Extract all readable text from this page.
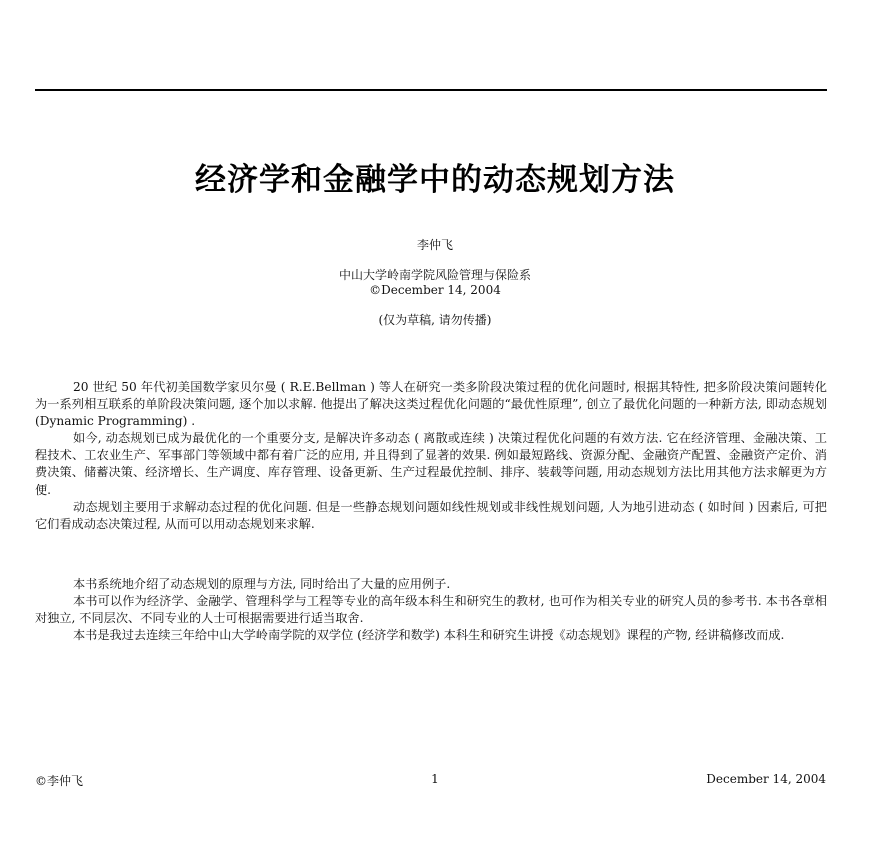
经济学和金融学中的动态规划方法
李仲飞
中山大学岭南学院风险管理与保险系
©December 14, 2004
(仅为草稿, 请勿传播)

20 世纪 50 年代初美国数学家贝尔曼 ( R.E.Bellman ) 等人在研究一类多阶段决策过程的优化问题时, 根据其特性, 把多阶段决策问题转化为一系列相互联系的单阶段决策问题, 逐个加以求解. 他提出了解决这类过程优化问题的“最优性原理”, 创立了最优化问题的一种新方法, 即动态规划 (Dynamic Programming) .

如今, 动态规划已成为最优化的一个重要分支, 是解决许多动态 ( 离散或连续 ) 决策过程优化问题的有效方法. 它在经济管理、金融决策、工程技术、工农业生产、军事部门等领域中都有着广泛的应用, 并且得到了显著的效果. 例如最短路线、资源分配、金融资产配置、金融资产定价、消费决策、储蓄决策、经济增长、生产调度、库存管理、设备更新、生产过程最优控制、排序、装载等问题, 用动态规划方法比用其他方法求解更为方便.

动态规划主要用于求解动态过程的优化问题. 但是一些静态规划问题如线性规划或非线性规划问题, 人为地引进动态 ( 如时间 ) 因素后, 可把它们看成动态决策过程, 从而可以用动态规划来求解.

本书系统地介绍了动态规划的原理与方法, 同时给出了大量的应用例子.

本书可以作为经济学、金融学、管理科学与工程等专业的高年级本科生和研究生的教材, 也可作为相关专业的研究人员的参考书. 本书各章相对独立, 不同层次、不同专业的人士可根据需要进行适当取舍.

本书是我过去连续三年给中山大学岭南学院的双学位 (经济学和数学) 本科生和研究生讲授《动态规划》课程的产物, 经讲稿修改而成.

©李仲飞	1	December 14, 2004
